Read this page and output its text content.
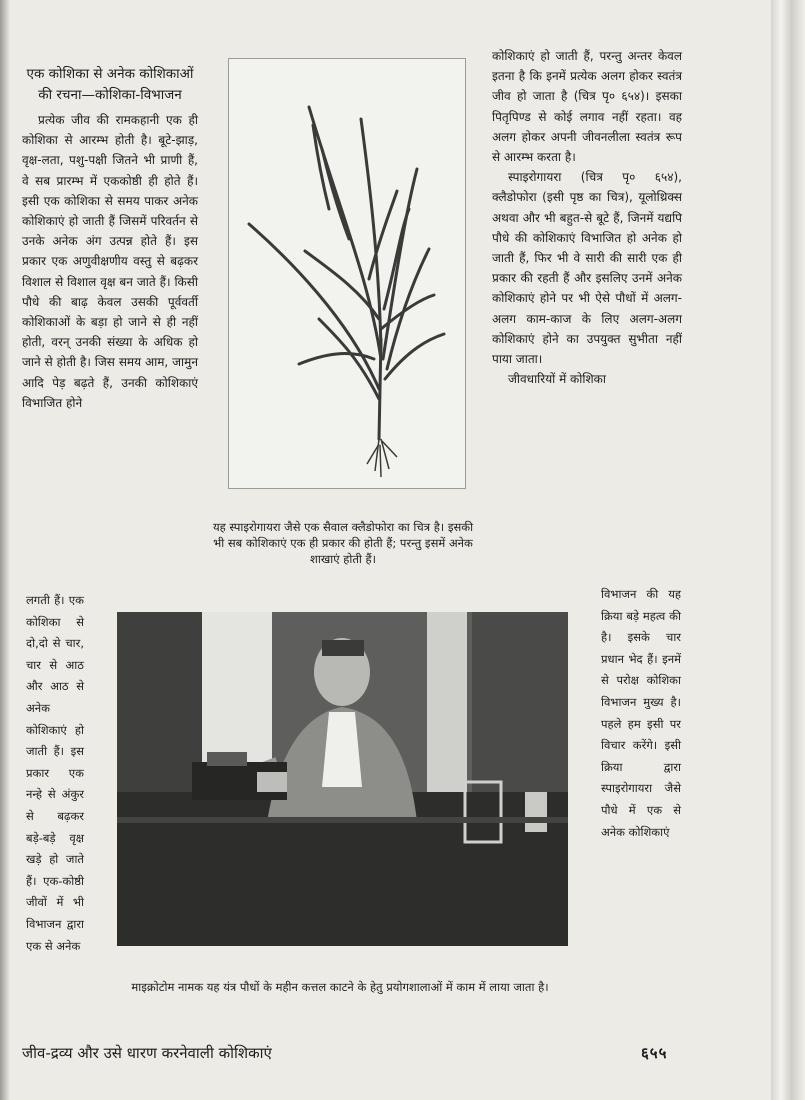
एक कोशिका से अनेक कोशिकाओं की रचना—कोशिका-विभाजन

प्रत्येक जीव की रामकहानी एक ही कोशिका से आरम्भ होती है। बूटे-झाड़, वृक्ष-लता, पशु-पक्षी जितने भी प्राणी हैं, वे सब प्रारम्भ में एककोष्ठी ही होते हैं। इसी एक कोशिका से समय पाकर अनेक कोशिकाएं हो जाती हैं जिसमें परिवर्तन से उनके अनेक अंग उत्पन्न होते हैं। इस प्रकार एक अणुवीक्षणीय वस्तु से बढ़कर विशाल से विशाल वृक्ष बन जाते हैं। किसी पौधे की बाढ़ केवल उसकी पूर्ववर्ती कोशिकाओं के बड़ा हो जाने से ही नहीं होती, वरन् उनकी संख्या के अधिक हो जाने से होती है। जिस समय आम, जामुन आदि पेड़ बढ़ते हैं, उनकी कोशिकाएं विभाजित होने

लगती हैं। एक कोशिका से दो,दो से चार, चार से आठ और आठ से अनेक कोशिकाएं हो जाती हैं। इस प्रकार एक नन्हे से अंकुर से बढ़कर बड़े-बड़े वृक्ष खड़े हो जाते हैं। एक-कोष्ठी जीवों में भी विभाजन द्वारा एक से अनेक

यह स्पाइरोगायरा जैसे एक सैवाल क्लैडोफोरा का चित्र है। इसकी भी सब कोशिकाएं एक ही प्रकार की होती हैं; परन्तु इसमें अनेक शाखाएं होती हैं।

कोशिकाएं हो जाती हैं, परन्तु अन्तर केवल इतना है कि इनमें प्रत्येक अलग होकर स्वतंत्र जीव हो जाता है (चित्र पृ० ६५४)। इसका पितृपिण्ड से कोई लगाव नहीं रहता। वह अलग होकर अपनी जीवनलीला स्वतंत्र रूप से आरम्भ करता है।

स्पाइरोगायरा (चित्र पृ० ६५४), क्लैडोफोरा (इसी पृष्ठ का चित्र), यूलोथ्रिक्स अथवा और भी बहुत-से बूटे हैं, जिनमें यद्यपि पौधे की कोशिकाएं विभाजित हो अनेक हो जाती हैं, फिर भी वे सारी की सारी एक ही प्रकार की रहती हैं और इसलिए उनमें अनेक कोशिकाएं होने पर भी ऐसे पौधों में अलग-अलग काम-काज के लिए अलग-अलग कोशिकाएं होने का उपयुक्त सुभीता नहीं पाया जाता।

जीवधारियों में कोशिका

विभाजन की यह क्रिया बड़े महत्व की है। इसके चार प्रधान भेद हैं। इनमें से परोक्ष कोशिका विभाजन मुख्य है। पहले हम इसी पर विचार करेंगे। इसी क्रिया द्वारा स्पाइरोगायरा जैसे पौधे में एक से अनेक कोशिकाएं

माइक्रोटोम नामक यह यंत्र पौधों के महीन कत्तल काटने के हेतु प्रयोगशालाओं में काम में लाया जाता है।

जीव-द्रव्य और उसे धारण करनेवाली कोशिकाएं	६५५
